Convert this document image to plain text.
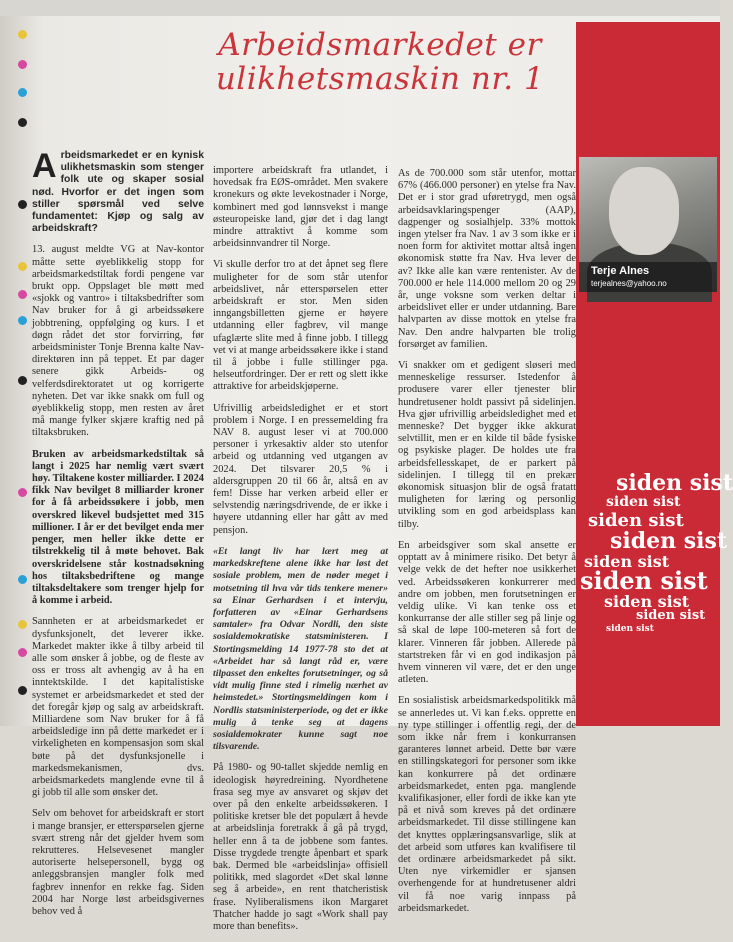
Arbeidsmarkedet er
ulikhetsmaskin nr. 1

Arbeidsmarkedet er en kynisk ulikhetsmaskin som stenger folk ute og skaper sosial nød. Hvorfor er det ingen som stiller spørsmål ved selve fundamentet: Kjøp og salg av arbeidskraft?

13. august meldte VG at Nav-kontor måtte sette øyeblikkelig stopp for arbeidsmarkedstiltak fordi pengene var brukt opp. Oppslaget ble møtt med «sjokk og vantro» i tiltaksbedrifter som Nav bruker for å gi arbeidssøkere jobbtrening, oppfølging og kurs. I et døgn rådet det stor forvirring, før arbeidsminister Tonje Brenna kalte Nav-direktøren inn på teppet. Et par dager senere gikk Arbeids- og velferdsdirektoratet ut og korrigerte nyheten. Det var ikke snakk om full og øyeblikkelig stopp, men resten av året må mange fylker skjære kraftig ned på tiltaksbruken.

Bruken av arbeidsmarkedstiltak så langt i 2025 har nemlig vært svært høy. Tiltakene koster milliarder. I 2024 fikk Nav bevilget 8 milliarder kroner for å få arbeidssøkere i jobb, men overskred likevel budsjettet med 315 millioner. I år er det bevilget enda mer penger, men heller ikke dette er tilstrekkelig til å møte behovet. Bak overskridelsene står kostnadsøkning hos tiltaksbedriftene og mange tiltaksdeltakere som trenger hjelp for å komme i arbeid.

Sannheten er at arbeidsmarkedet er dysfunksjonelt, det leverer ikke. Markedet makter ikke å tilby arbeid til alle som ønsker å jobbe, og de fleste av oss er tross alt avhengig av å ha en inntektskilde. I det kapitalistiske systemet er arbeidsmarkedet et sted der det foregår kjøp og salg av arbeidskraft. Milliardene som Nav bruker for å få arbeidsledige inn på dette markedet er i virkeligheten en kompensasjon som skal bøte på det dysfunksjonelle i markedsmekanismen, dvs. arbeidsmarkedets manglende evne til å gi jobb til alle som ønsker det.

Selv om behovet for arbeidskraft er stort i mange bransjer, er etterspørselen gjerne svært streng når det gjelder hvem som rekrutteres. Helsevesenet mangler autoriserte helsepersonell, bygg og anleggsbransjen mangler folk med fagbrev innenfor en rekke fag. Siden 2004 har Norge løst arbeidsgivernes behov ved å

importere arbeidskraft fra utlandet, i hovedsak fra EØS-området. Men svakere kronekurs og økte levekostnader i Norge, kombinert med god lønnsvekst i mange østeuropeiske land, gjør det i dag langt mindre attraktivt å komme som arbeidsinnvandrer til Norge.

Vi skulle derfor tro at det åpnet seg flere muligheter for de som står utenfor arbeidslivet, når etterspørselen etter arbeidskraft er stor. Men siden inngangsbilletten gjerne er høyere utdanning eller fagbrev, vil mange ufaglærte slite med å finne jobb. I tillegg vet vi at mange arbeidssøkere ikke i stand til å jobbe i fulle stillinger pga. helseutfordringer. Der er rett og slett ikke attraktive for arbeidskjøperne.

Ufrivillig arbeidsledighet er et stort problem i Norge. I en pressemelding fra NAV 8. august leser vi at 700.000 personer i yrkesaktiv alder sto utenfor arbeid og utdanning ved utgangen av 2024. Det tilsvarer 20,5 % i aldersgruppen 20 til 66 år, altså en av fem! Disse har verken arbeid eller er selvstendig næringsdrivende, de er ikke i høyere utdanning eller har gått av med pensjon.

«Et langt liv har lært meg at markedskreftene alene ikke har løst det sosiale problem, men de nøder meget i motsetning til hva vår tids tenkere mener» sa Einar Gerhardsen i et intervju, forfatteren av «Einar Gerhardsens samtaler» fra Odvar Nordli, den siste sosialdemokratiske statsministeren. I Stortingsmelding 14 1977-78 sto det at «Arbeidet har så langt råd er, være tilpasset den enkeltes forutsetninger, og så vidt mulig finne sted i rimelig nærhet av heimstedet.» Stortingsmeldingen kom i Nordlis statsministerperiode, og det er ikke mulig å tenke seg at dagens sosialdemokrater kunne sagt noe tilsvarende.

På 1980- og 90-tallet skjedde nemlig en ideologisk høyredreining. Nyordhetene frasa seg mye av ansvaret og skjøv det over på den enkelte arbeidssøkeren. I politiske kretser ble det populært å hevde at arbeidslinja foretrakk å gå på trygd, heller enn å ta de jobbene som fantes. Disse trygdede trengte åpenbart et spark bak. Dermed ble «arbeidslinja» offisiell politikk, med slagordet «Det skal lønne seg å arbeide», en rent thatcheristisk frase. Nyliberalismens ikon Margaret Thatcher hadde jo sagt «Work shall pay more than benefits».

As de 700.000 som står utenfor, mottar 67% (466.000 personer) en ytelse fra Nav. Det er i stor grad uføretrygd, men også arbeidsavklaringspenger (AAP), dagpenger og sosialhjelp. 33% mottok ingen ytelser fra Nav. 1 av 3 som ikke er i noen form for aktivitet mottar altså ingen økonomisk støtte fra Nav. Hva lever de av? Ikke alle kan være rentenister. Av de 700.000 er hele 114.000 mellom 20 og 29 år, unge voksne som verken deltar i arbeidslivet eller er under utdanning. Bare halvparten av disse mottok en ytelse fra Nav. Den andre halvparten ble trolig forsørget av familien.

Vi snakker om et gedigent sløseri med menneskelige ressurser. Istedenfor å produsere varer eller tjenester blir hundretusener holdt passivt på sidelinjen. Hva gjør ufrivillig arbeidsledighet med et menneske? Det bygger ikke akkurat selvtillit, men er en kilde til både fysiske og psykiske plager. De holdes ute fra arbeidsfellesskapet, de er parkert på sidelinjen. I tillegg til en prekær økonomisk situasjon blir de også fratatt muligheten for læring og personlig utvikling som en god arbeidsplass kan tilby.

En arbeidsgiver som skal ansette er opptatt av å minimere risiko. Det betyr å velge vekk de det hefter noe usikkerhet ved. Arbeidssøkeren konkurrerer med andre om jobben, men forutsetningen er veldig ulike. Vi kan tenke oss et konkurranse der alle stiller seg på linje og så skal de løpe 100-meteren så fort de klarer. Vinneren får jobben. Allerede på startstreken får vi en god indikasjon på hvem vinneren vil være, det er den unge atleten.

En sosialistisk arbeidsmarkedspolitikk må se annerledes ut. Vi kan f.eks. opprette en ny type stillinger i offentlig regi, der de som ikke når frem i konkurransen garanteres lønnet arbeid. Dette bør være en stillingskategori for personer som ikke kan konkurrere på det ordinære arbeidsmarkedet, enten pga. manglende kvalifikasjoner, eller fordi de ikke kan yte på et nivå som kreves på det ordinære arbeidsmarkedet. Til disse stillingene kan det knyttes opplæringsansvarlige, slik at det arbeid som utføres kan kvalifisere til det ordinære arbeidsmarkedet på sikt. Uten nye virkemidler er sjansen overhengende for at hundretusener aldri vil få noe varig innpass på arbeidsmarkedet.

Terje Alnes
terjealnes@yahoo.no
siden sist
siden sist
siden sist
siden sist
siden sist
siden sist
siden sist
siden sist
siden sist
